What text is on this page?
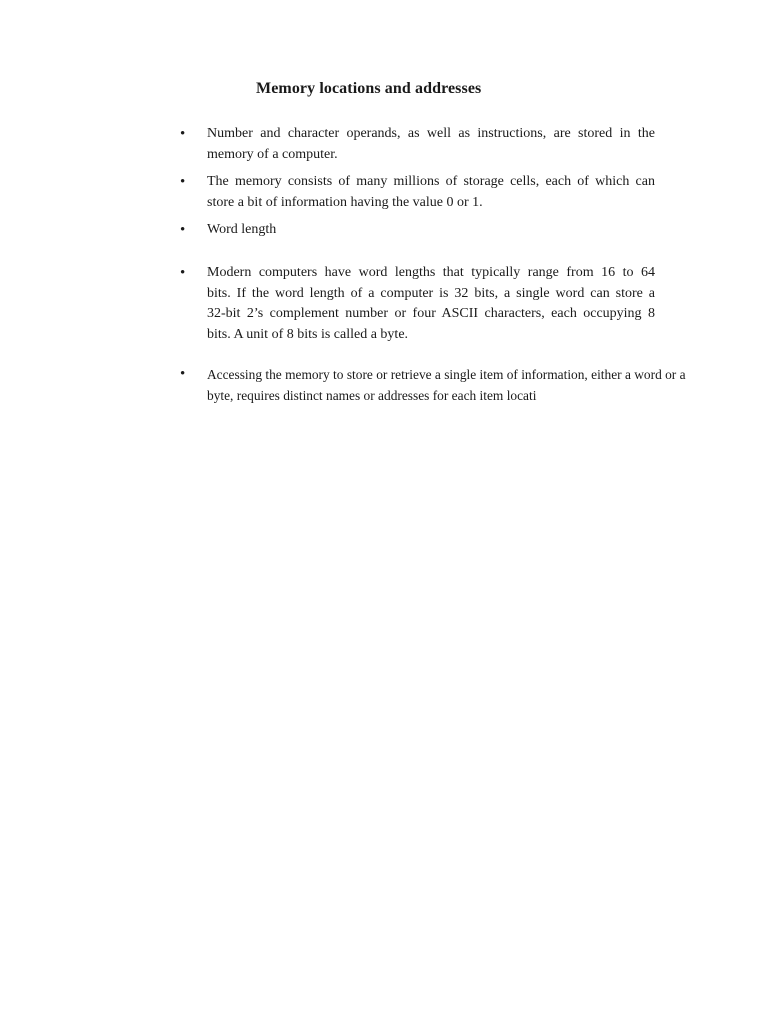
Memory locations and addresses
• Number and character operands, as well as instructions, are stored in the
memory of a computer.
• The memory consists of many millions of storage cells, each of which can
store a bit of information having the value 0 or 1.
• Word length
• Modern computers have word lengths that typically range from 16 to 64
bits. If the word length of a computer is 32 bits, a single word can store a
32-bit 2’s complement number or four ASCII characters, each occupying 8
bits. A unit of 8 bits is called a byte.
• Accessing the memory to store or retrieve a single item of information, either a word or a
byte, requires distinct names or addresses for each item locati
